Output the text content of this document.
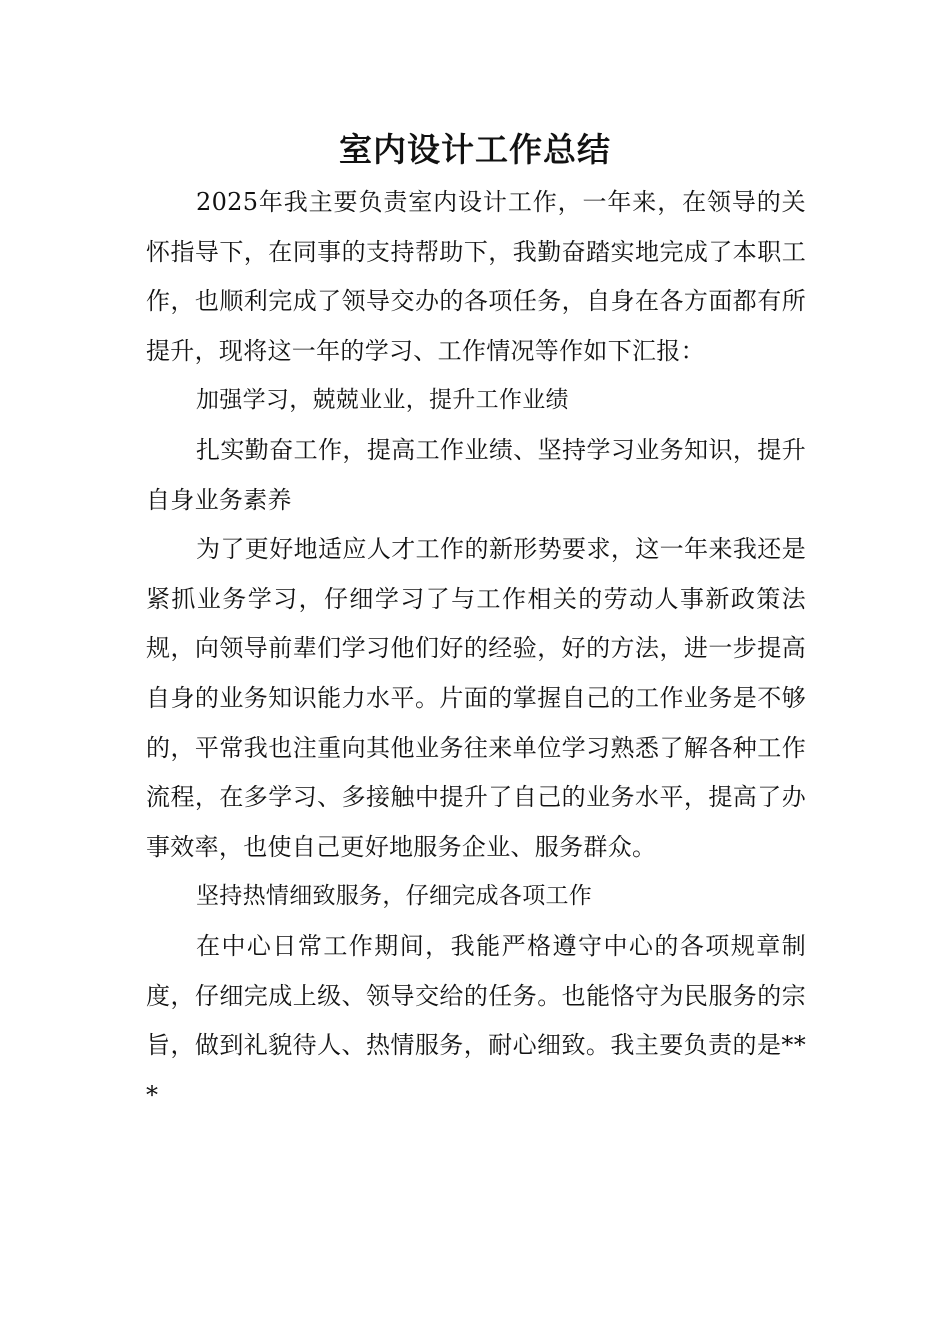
室内设计工作总结

2025年我主要负责室内设计工作，一年来，在领导的关怀指导下，在同事的支持帮助下，我勤奋踏实地完成了本职工作，也顺利完成了领导交办的各项任务，自身在各方面都有所提升，现将这一年的学习、工作情况等作如下汇报：

加强学习，兢兢业业，提升工作业绩

扎实勤奋工作，提高工作业绩、坚持学习业务知识，提升自身业务素养

为了更好地适应人才工作的新形势要求，这一年来我还是紧抓业务学习，仔细学习了与工作相关的劳动人事新政策法规，向领导前辈们学习他们好的经验，好的方法，进一步提高自身的业务知识能力水平。片面的掌握自己的工作业务是不够的，平常我也注重向其他业务往来单位学习熟悉了解各种工作流程，在多学习、多接触中提升了自己的业务水平，提高了办事效率，也使自己更好地服务企业、服务群众。

坚持热情细致服务，仔细完成各项工作

在中心日常工作期间，我能严格遵守中心的各项规章制度，仔细完成上级、领导交给的任务。也能恪守为民服务的宗旨，做到礼貌待人、热情服务，耐心细致。我主要负责的是***
